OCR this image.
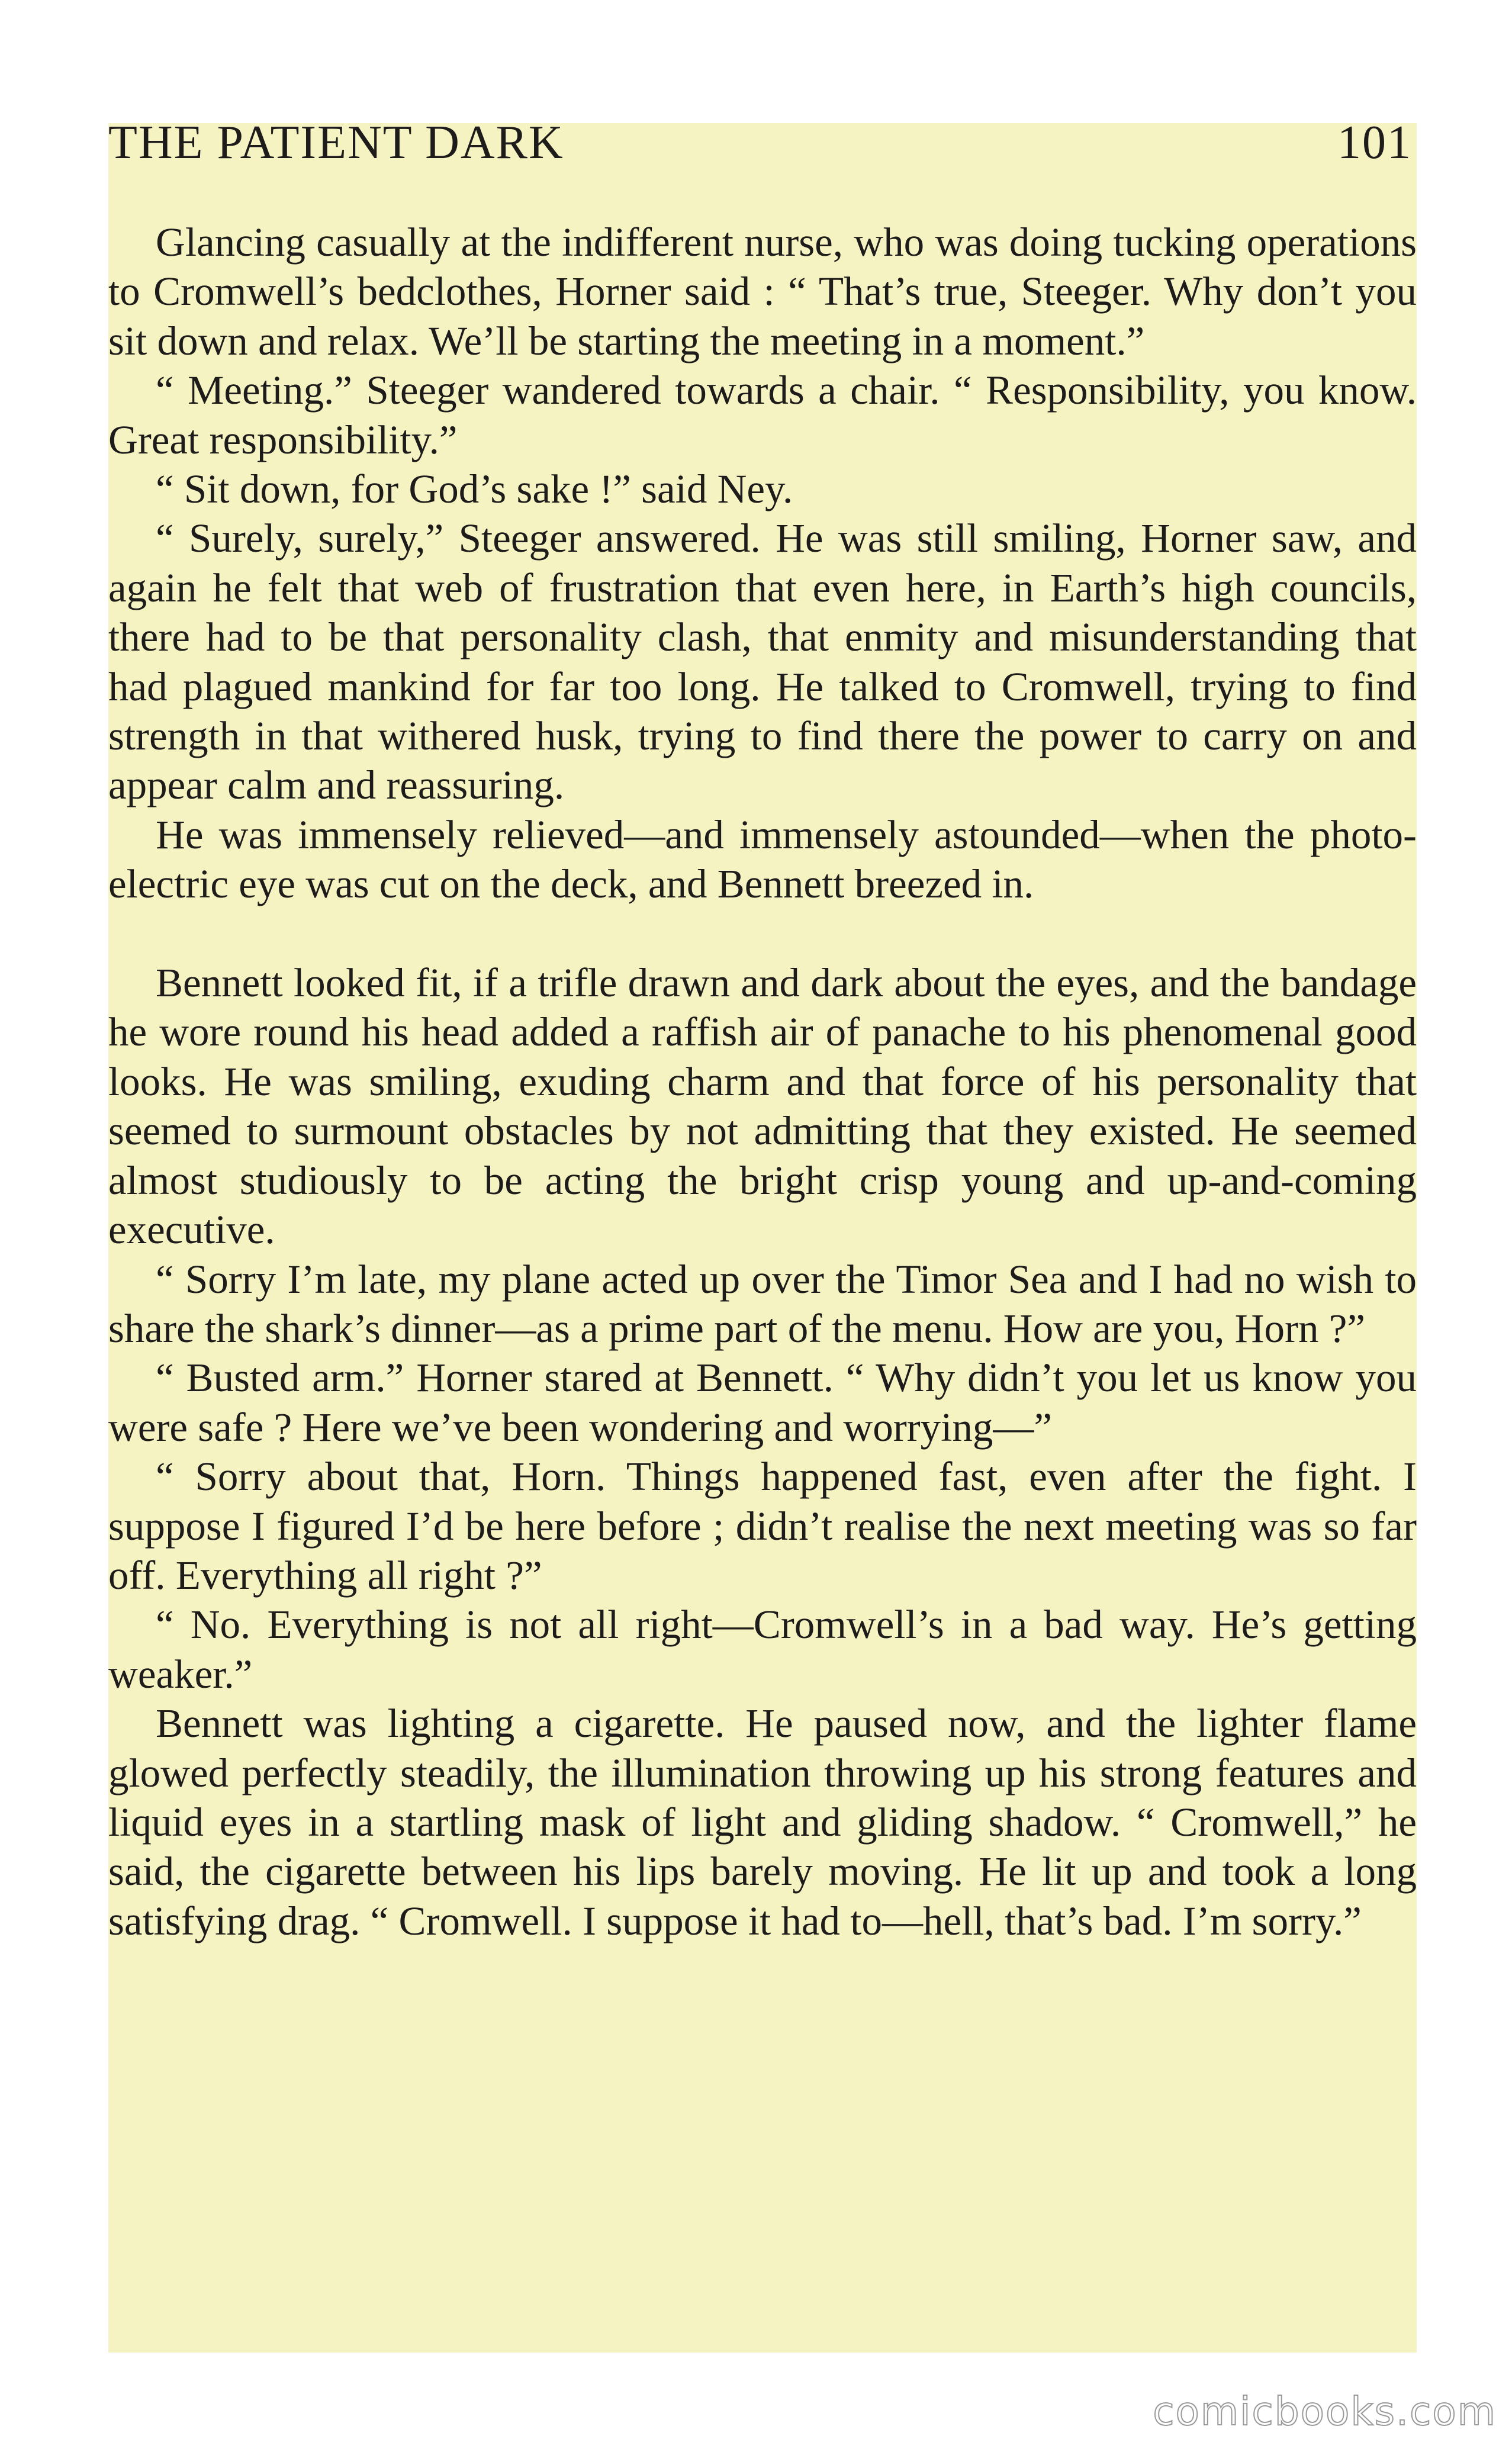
THE PATIENT DARK	101

Glancing casually at the indifferent nurse, who was doing tucking operations to Cromwell’s bedclothes, Horner said : “ That’s true, Steeger. Why don’t you sit down and relax. We’ll be starting the meeting in a moment.”

“ Meeting.” Steeger wandered towards a chair. “ Responsibility, you know. Great responsibility.”

“ Sit down, for God’s sake !” said Ney.

“ Surely, surely,” Steeger answered. He was still smiling, Horner saw, and again he felt that web of frustration that even here, in Earth’s high councils, there had to be that personality clash, that enmity and misunderstanding that had plagued mankind for far too long. He talked to Cromwell, trying to find strength in that withered husk, trying to find there the power to carry on and appear calm and reassuring.

He was immensely relieved—and immensely astounded—when the photo-electric eye was cut on the deck, and Bennett breezed in.

Bennett looked fit, if a trifle drawn and dark about the eyes, and the bandage he wore round his head added a raffish air of panache to his phenomenal good looks. He was smiling, exuding charm and that force of his personality that seemed to surmount obstacles by not admitting that they existed. He seemed almost studiously to be acting the bright crisp young and up-and-coming executive.

“ Sorry I’m late, my plane acted up over the Timor Sea and I had no wish to share the shark’s dinner—as a prime part of the menu. How are you, Horn ?”

“ Busted arm.” Horner stared at Bennett. “ Why didn’t you let us know you were safe ? Here we’ve been wondering and worrying—”

“ Sorry about that, Horn. Things happened fast, even after the fight. I suppose I figured I’d be here before ; didn’t realise the next meeting was so far off. Everything all right ?”

“ No. Everything is not all right—Cromwell’s in a bad way. He’s getting weaker.”

Bennett was lighting a cigarette. He paused now, and the lighter flame glowed perfectly steadily, the illumination throwing up his strong features and liquid eyes in a startling mask of light and gliding shadow. “ Cromwell,” he said, the cigarette between his lips barely moving. He lit up and took a long satisfying drag. “ Cromwell. I suppose it had to—hell, that’s bad. I’m sorry.”

comicbooks.com
